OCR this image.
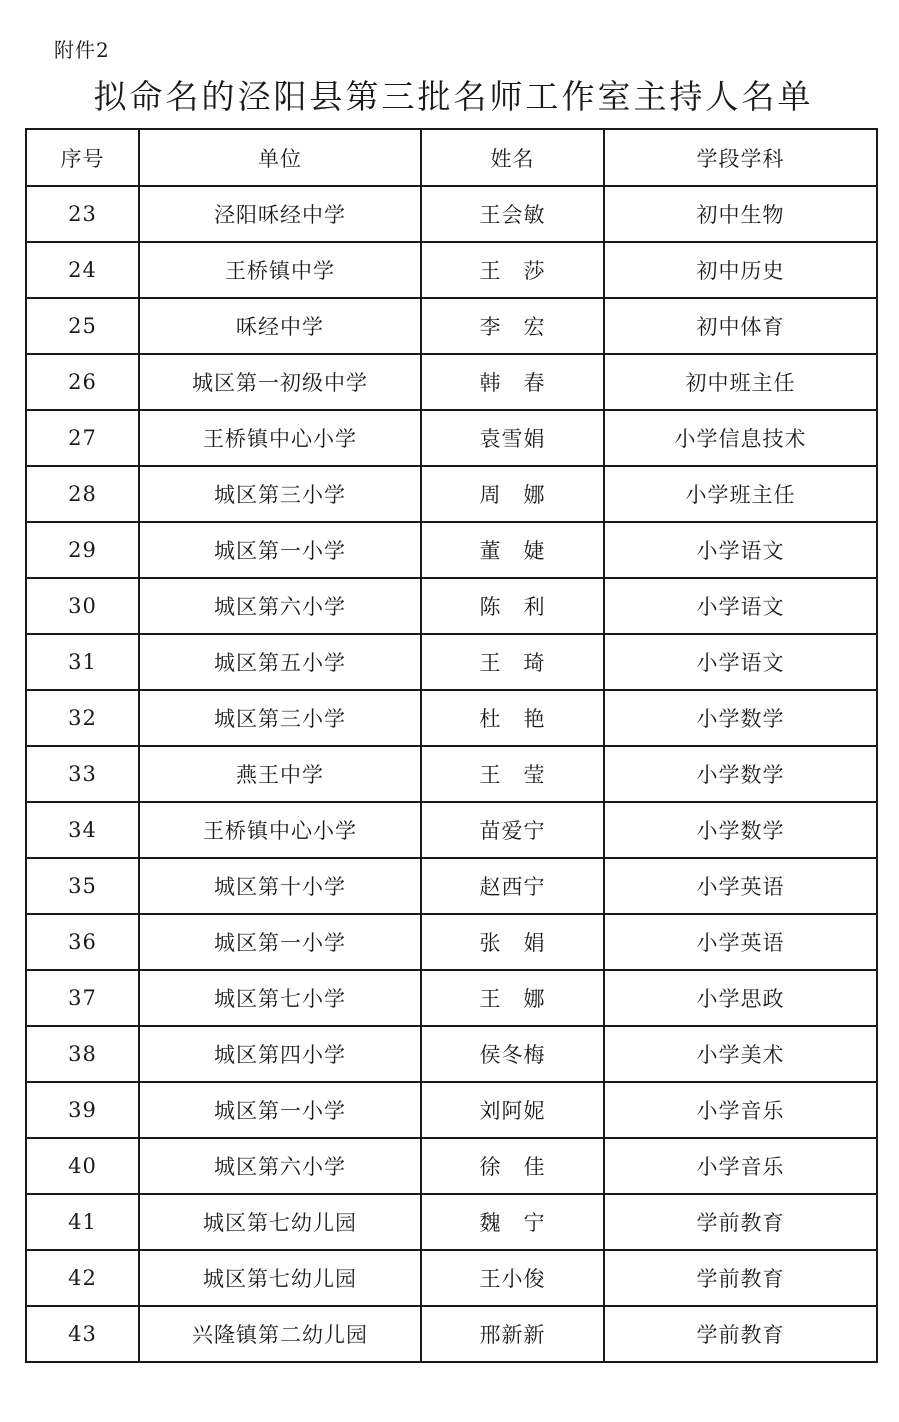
附件2
拟命名的泾阳县第三批名师工作室主持人名单
序号	单位	姓名	学段学科
23	泾阳咊经中学	王会敏	初中生物
24	王桥镇中学	王　莎	初中历史
25	咊经中学	李　宏	初中体育
26	城区第一初级中学	韩　春	初中班主任
27	王桥镇中心小学	袁雪娟	小学信息技术
28	城区第三小学	周　娜	小学班主任
29	城区第一小学	董　婕	小学语文
30	城区第六小学	陈　利	小学语文
31	城区第五小学	王　琦	小学语文
32	城区第三小学	杜　艳	小学数学
33	燕王中学	王　莹	小学数学
34	王桥镇中心小学	苗爱宁	小学数学
35	城区第十小学	赵西宁	小学英语
36	城区第一小学	张　娟	小学英语
37	城区第七小学	王　娜	小学思政
38	城区第四小学	侯冬梅	小学美术
39	城区第一小学	刘阿妮	小学音乐
40	城区第六小学	徐　佳	小学音乐
41	城区第七幼儿园	魏　宁	学前教育
42	城区第七幼儿园	王小俊	学前教育
43	兴隆镇第二幼儿园	邢新新	学前教育
